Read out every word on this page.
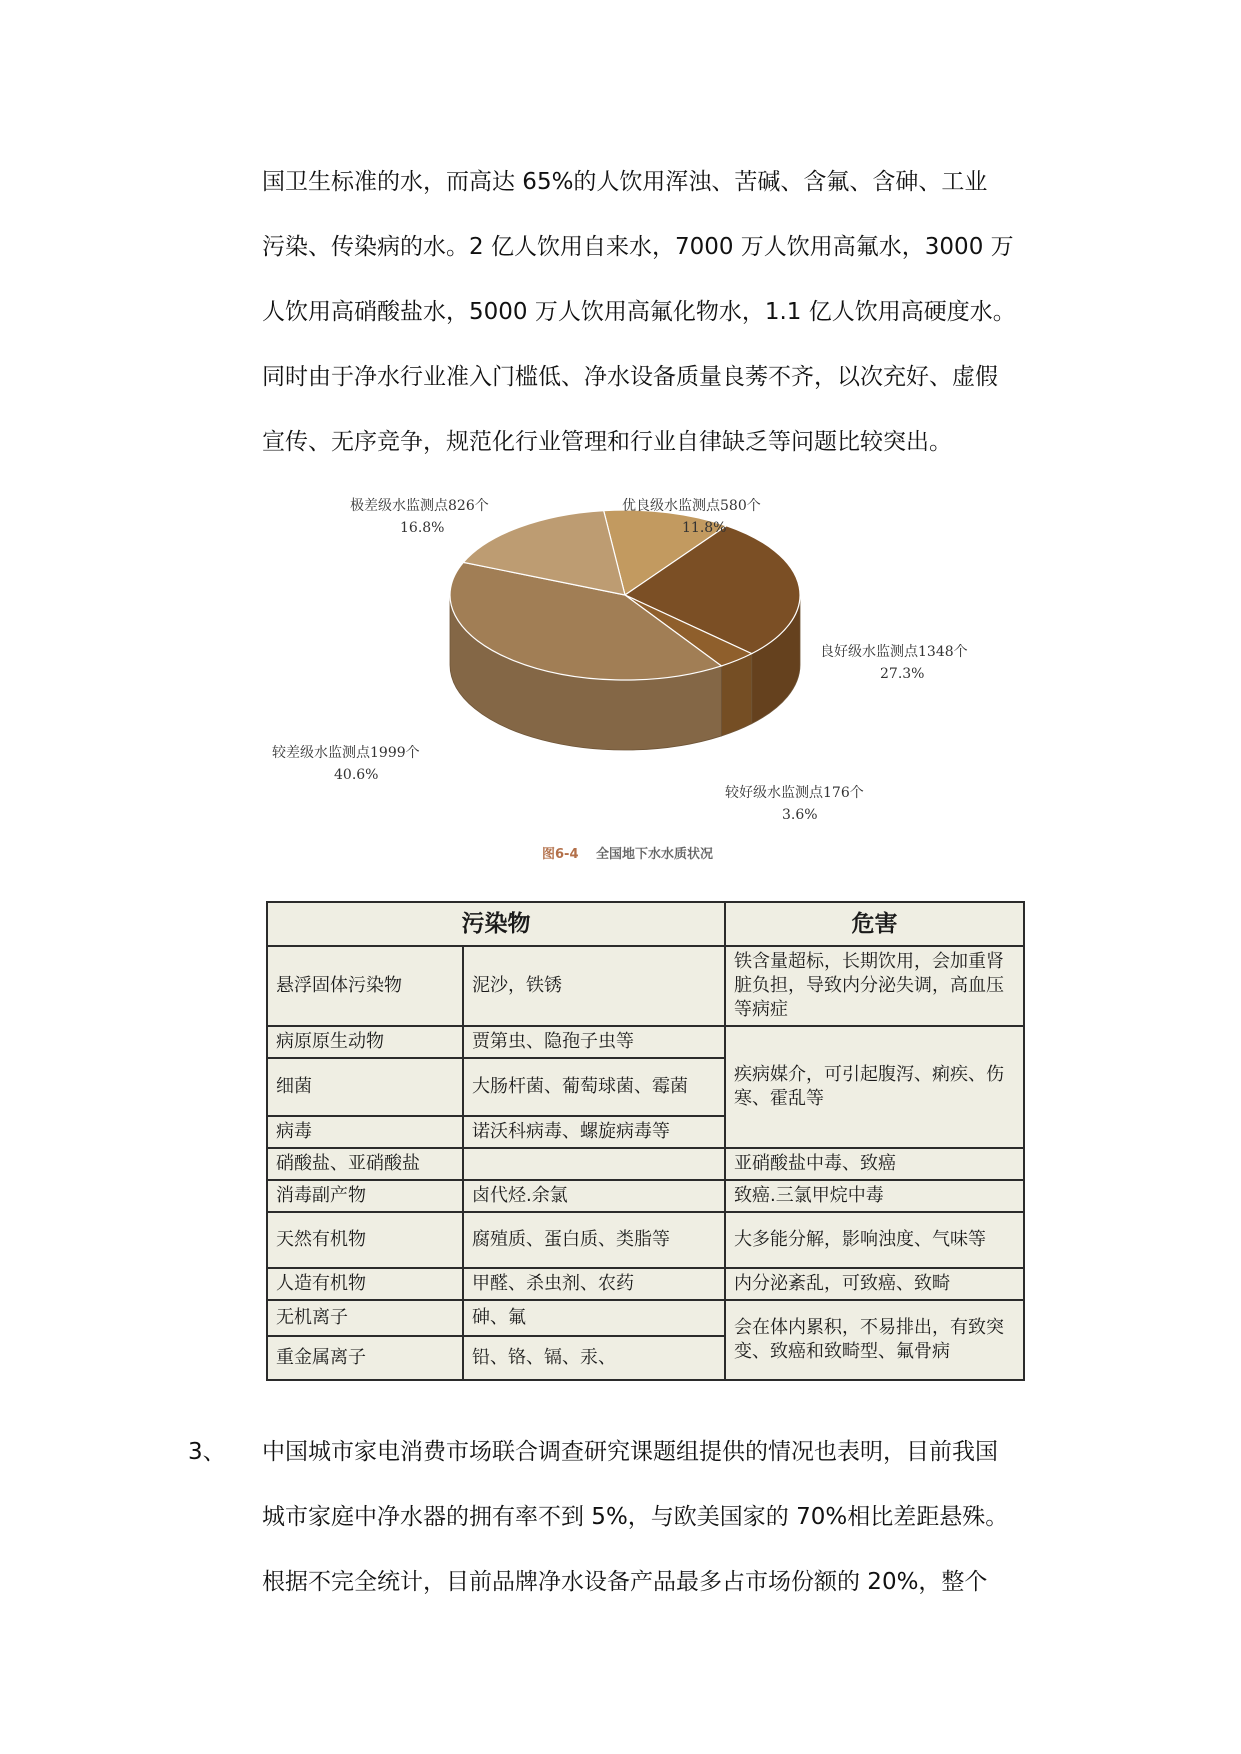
国卫生标准的水，而高达 65%的人饮用浑浊、苦碱、含氟、含砷、工业

污染、传染病的水。2 亿人饮用自来水，7000 万人饮用高氟水，3000 万

人饮用高硝酸盐水，5000 万人饮用高氟化物水，1.1 亿人饮用高硬度水。

同时由于净水行业准入门槛低、净水设备质量良莠不齐，以次充好、虚假

宣传、无序竞争，规范化行业管理和行业自律缺乏等问题比较突出。

极差级水监测点826个
16.8%
优良级水监测点580个
11.8%
良好级水监测点1348个
27.3%
较差级水监测点1999个
40.6%
较好级水监测点176个
3.6%
图6-4 全国地下水水质状况
污染物		危害
悬浮固体污染物	泥沙，铁锈	铁含量超标，长期饮用，会加重肾脏负担，导致内分泌失调，高血压等病症
病原原生动物	贾第虫、隐孢子虫等	疾病媒介，可引起腹泻、痢疾、伤寒、霍乱等
细菌	大肠杆菌、葡萄球菌、霉菌	
病毒	诺沃科病毒、螺旋病毒等	
硝酸盐、亚硝酸盐		亚硝酸盐中毒、致癌
消毒副产物	卤代烃.余氯	致癌.三氯甲烷中毒
天然有机物	腐殖质、蛋白质、类脂等	大多能分解，影响浊度、气味等
人造有机物	甲醛、杀虫剂、农药	内分泌紊乱，可致癌、致畸
无机离子	砷、氟	会在体内累积，不易排出，有致突变、致癌和致畸型、氟骨病
重金属离子	铅、铬、镉、汞、	
3、 中国城市家电消费市场联合调查研究课题组提供的情况也表明，目前我国

城市家庭中净水器的拥有率不到 5%，与欧美国家的 70%相比差距悬殊。

根据不完全统计，目前品牌净水设备产品最多占市场份额的 20%，整个
